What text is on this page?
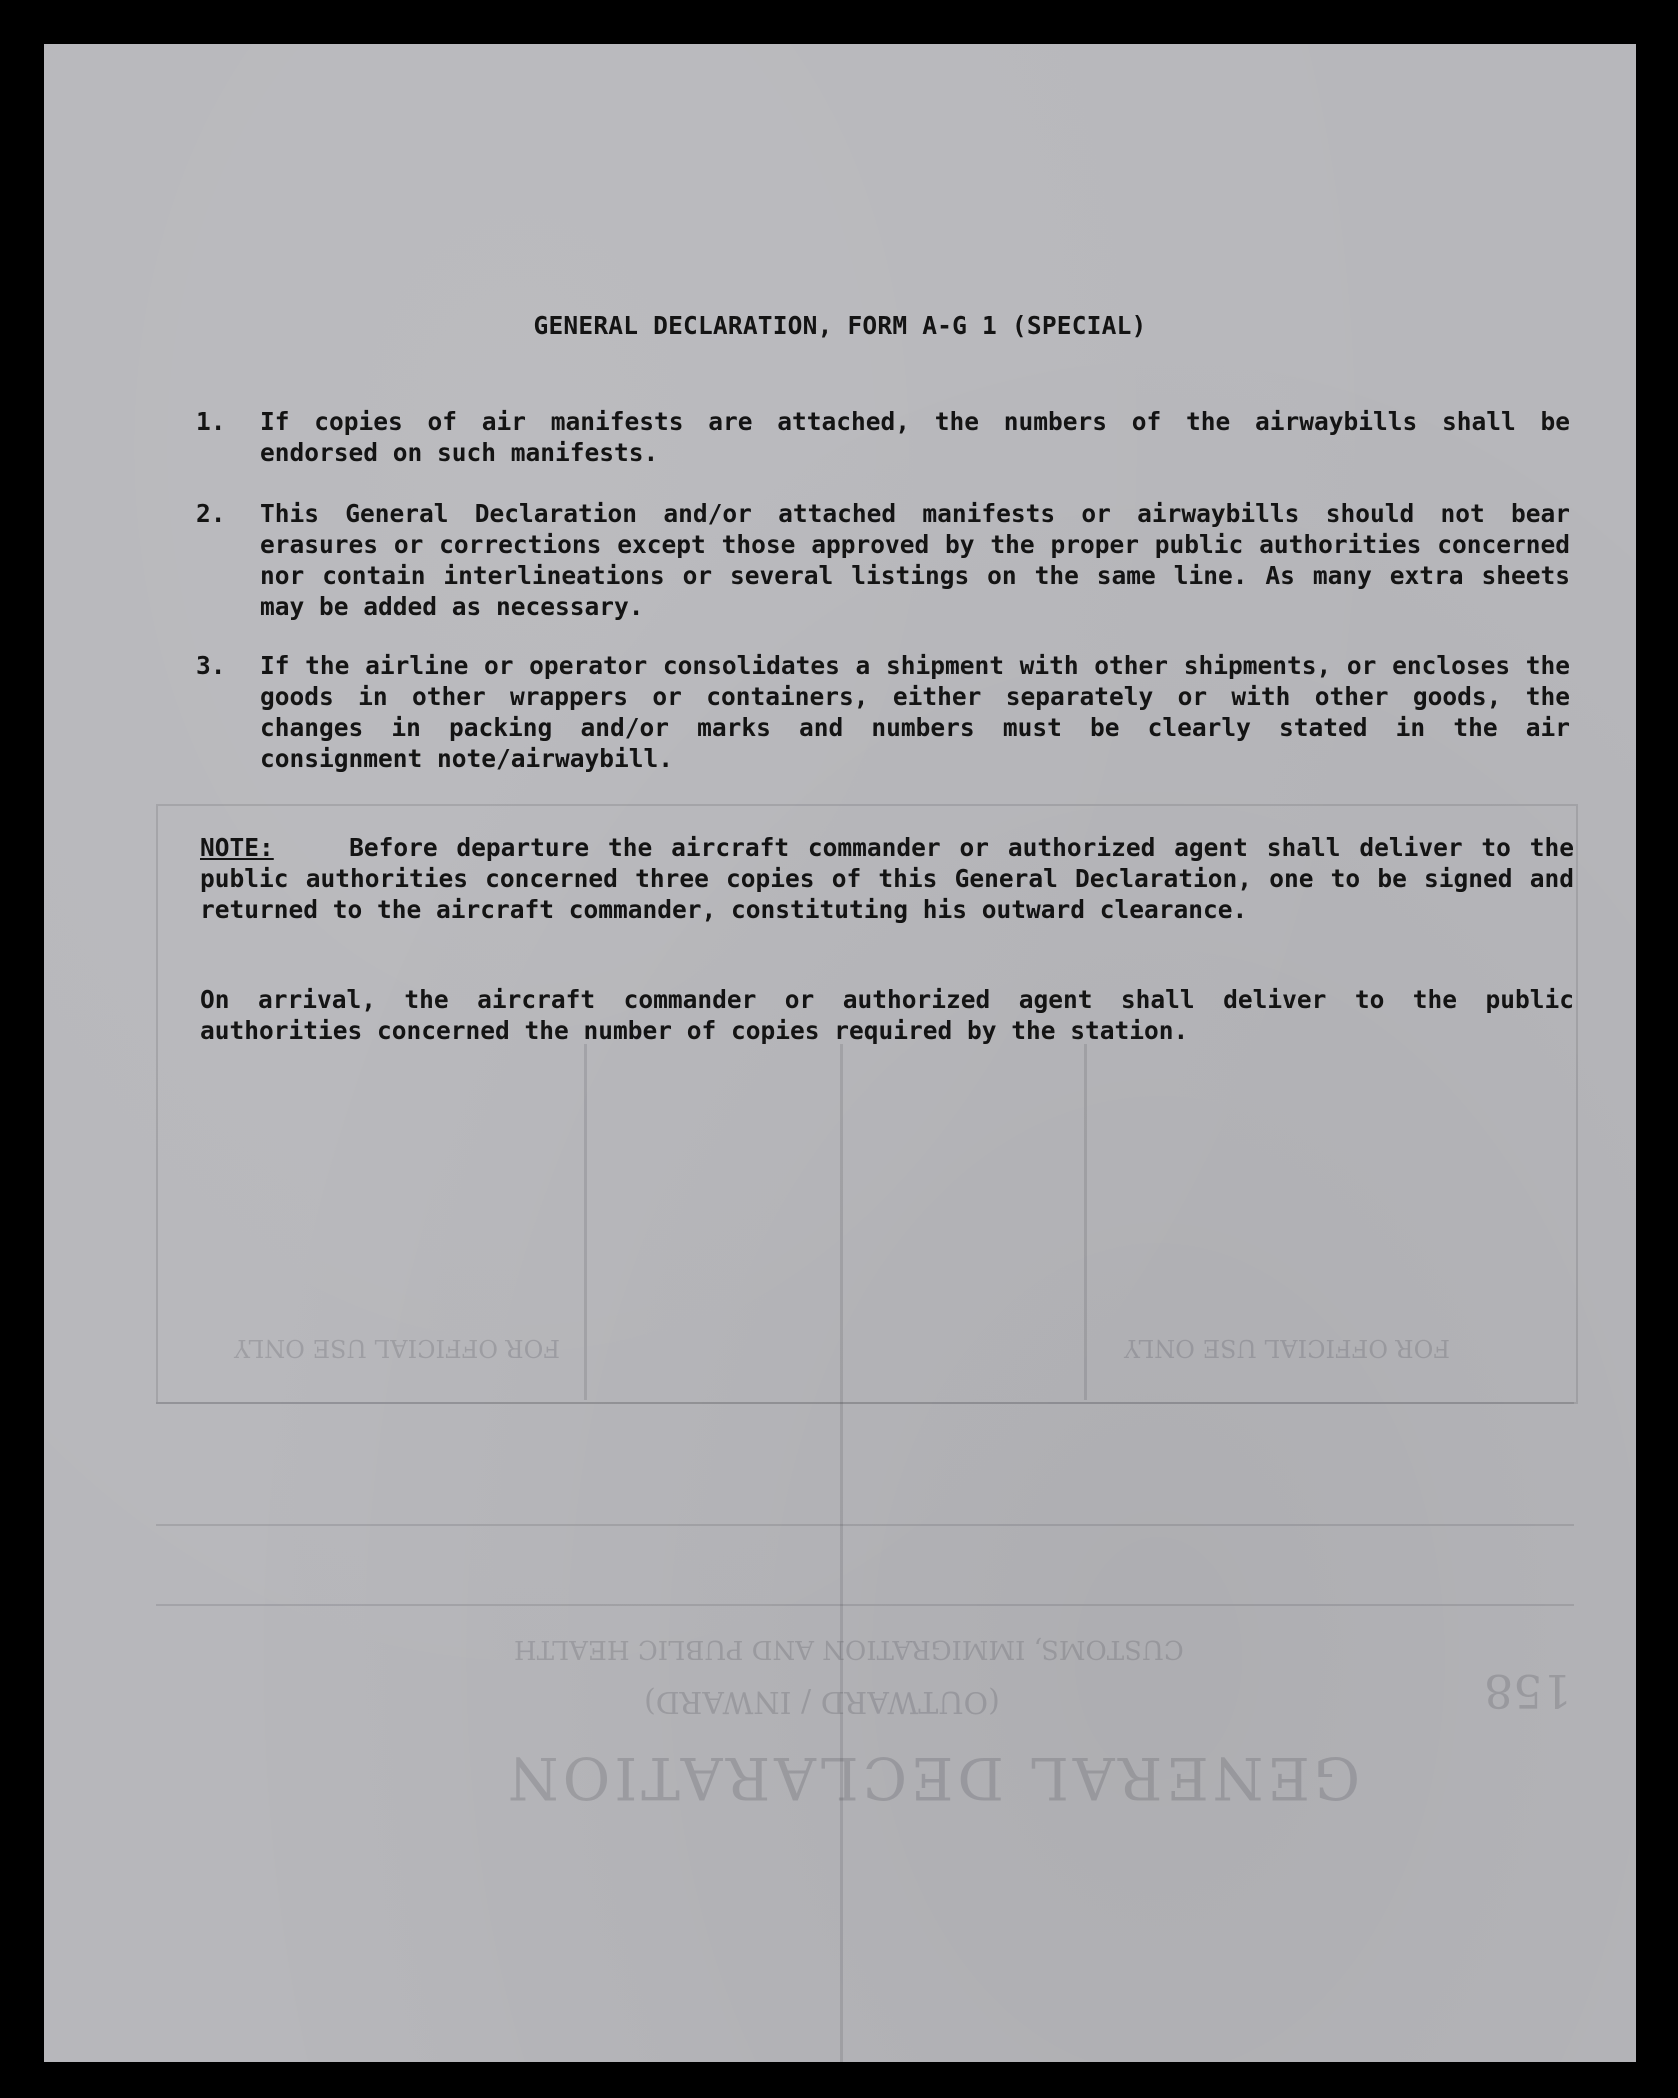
GENERAL DECLARATION
(OUTWARD / INWARD)
CUSTOMS, IMMIGRATION AND PUBLIC HEALTH
FOR OFFICIAL USE ONLY	FOR OFFICIAL USE ONLY
158
GENERAL DECLARATION, FORM A-G 1 (SPECIAL)
1.	If copies of air manifests are attached, the numbers of the airwaybills shall be endorsed on such manifests.
2.	This General Declaration and/or attached manifests or airwaybills should not bear erasures or corrections except those approved by the proper public authorities concerned nor contain interlineations or several listings on the same line. As many extra sheets may be added as necessary.
3.	If the airline or operator consolidates a shipment with other shipments, or encloses the goods in other wrappers or containers, either separately or with other goods, the changes in packing and/or marks and numbers must be clearly stated in the air consignment note/airwaybill.
NOTE:	Before departure the aircraft commander or authorized agent shall deliver to the public authorities concerned three copies of this General Declaration, one to be signed and returned to the aircraft commander, constituting his outward clearance.
On arrival, the aircraft commander or authorized agent shall deliver to the public authorities concerned the number of copies required by the station.
